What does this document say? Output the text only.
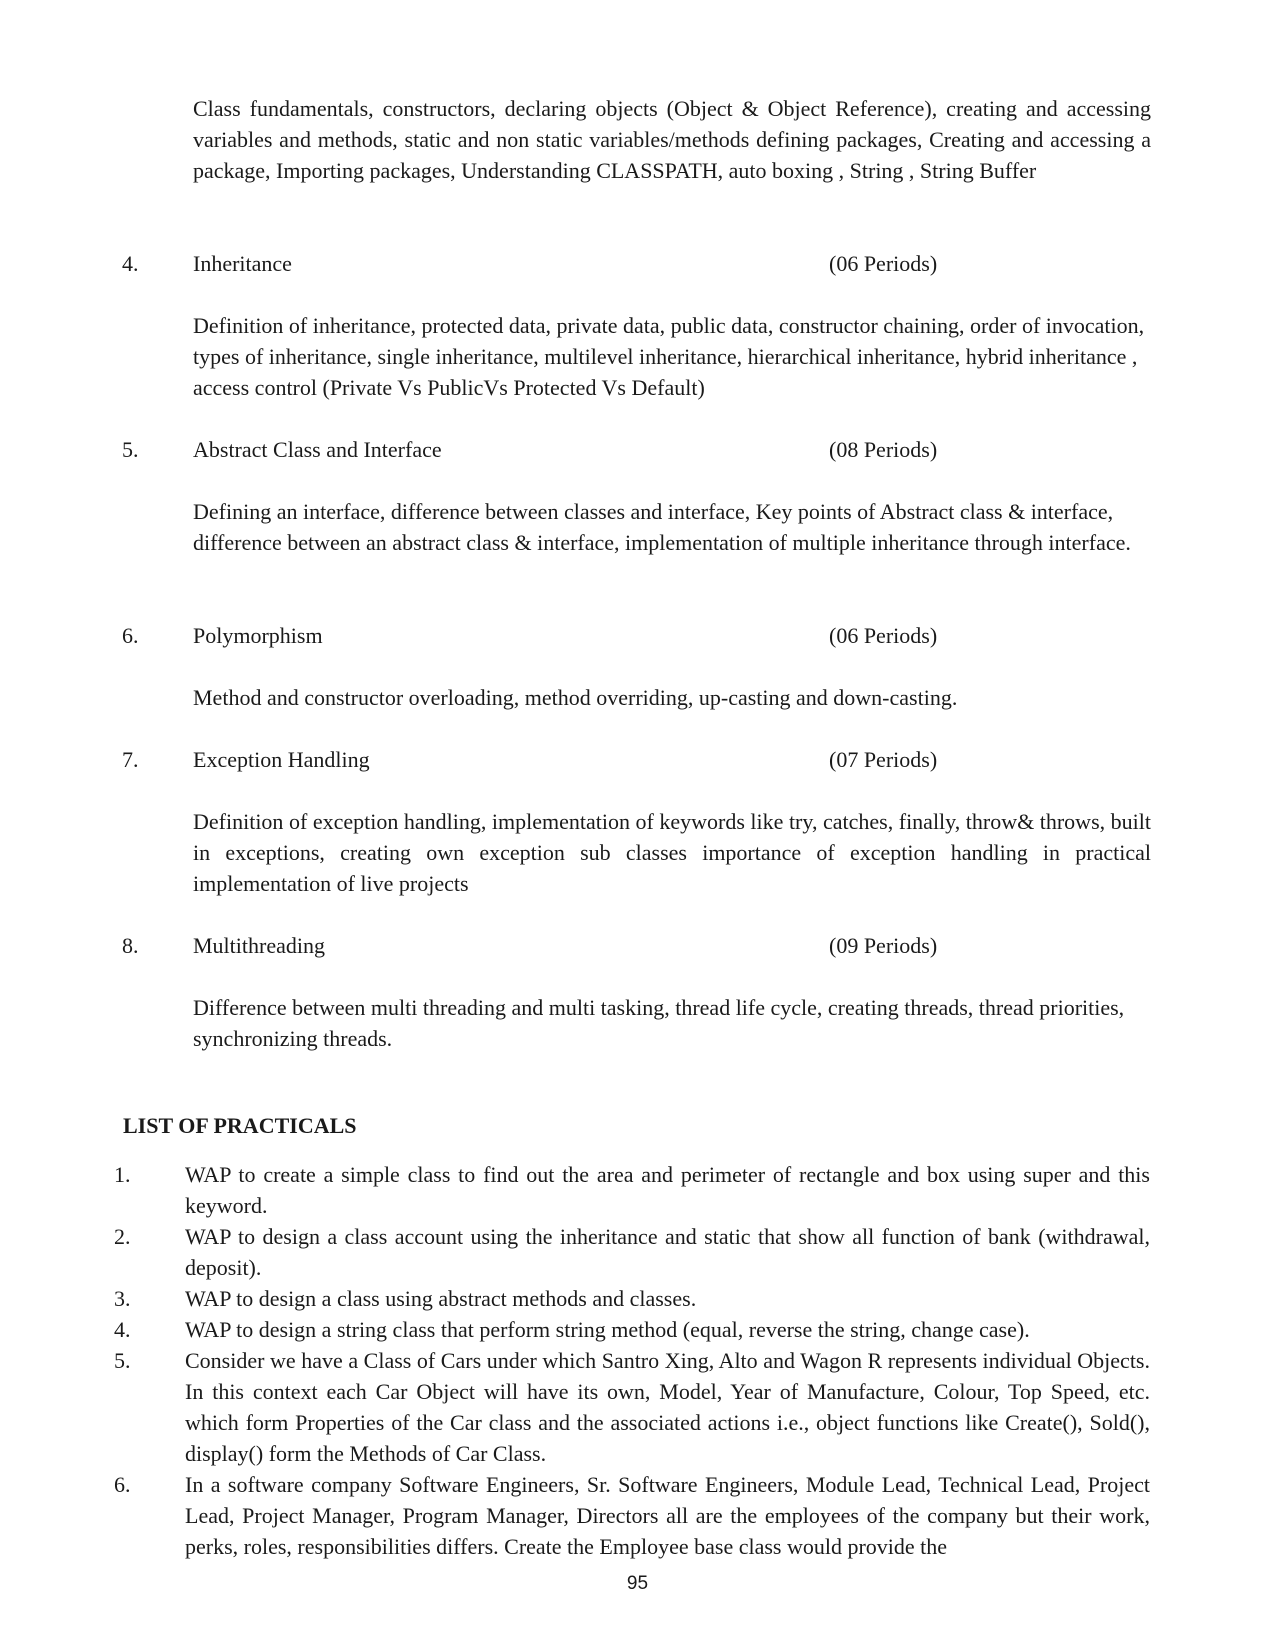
Class fundamentals, constructors, declaring objects (Object & Object Reference), creating and accessing variables and methods, static and non static variables/methods defining packages, Creating and accessing a package, Importing packages, Understanding CLASSPATH, auto boxing , String , String Buffer

4. Inheritance	(06 Periods)

Definition of inheritance, protected data, private data, public data, constructor chaining, order of invocation, types of inheritance, single inheritance, multilevel inheritance, hierarchical inheritance, hybrid inheritance , access control (Private Vs PublicVs Protected Vs Default)

5. Abstract Class and Interface	(08 Periods)

Defining an interface, difference between classes and interface, Key points of Abstract class & interface, difference between an abstract class & interface, implementation of multiple inheritance through interface.

6. Polymorphism	(06 Periods)

Method and constructor overloading, method overriding, up-casting and down-casting.

7. Exception Handling	(07 Periods)

Definition of exception handling, implementation of keywords like try, catches, finally, throw& throws, built in exceptions, creating own exception sub classes importance of exception handling in practical implementation of live projects

8. Multithreading	(09 Periods)

Difference between multi threading and multi tasking, thread life cycle, creating threads, thread priorities, synchronizing threads.

LIST OF PRACTICALS
1. WAP to create a simple class to find out the area and perimeter of rectangle and box using super and this keyword.
2. WAP to design a class account using the inheritance and static that show all function of bank (withdrawal, deposit).
3. WAP to design a class using abstract methods and classes.
4. WAP to design a string class that perform string method (equal, reverse the string, change case).
5. Consider we have a Class of Cars under which Santro Xing, Alto and Wagon R represents individual Objects. In this context each Car Object will have its own, Model, Year of Manufacture, Colour, Top Speed, etc. which form Properties of the Car class and the associated actions i.e., object functions like Create(), Sold(), display() form the Methods of Car Class.
6. In a software company Software Engineers, Sr. Software Engineers, Module Lead, Technical Lead, Project Lead, Project Manager, Program Manager, Directors all are the employees of the company but their work, perks, roles, responsibilities differs. Create the Employee base class would provide the
95
